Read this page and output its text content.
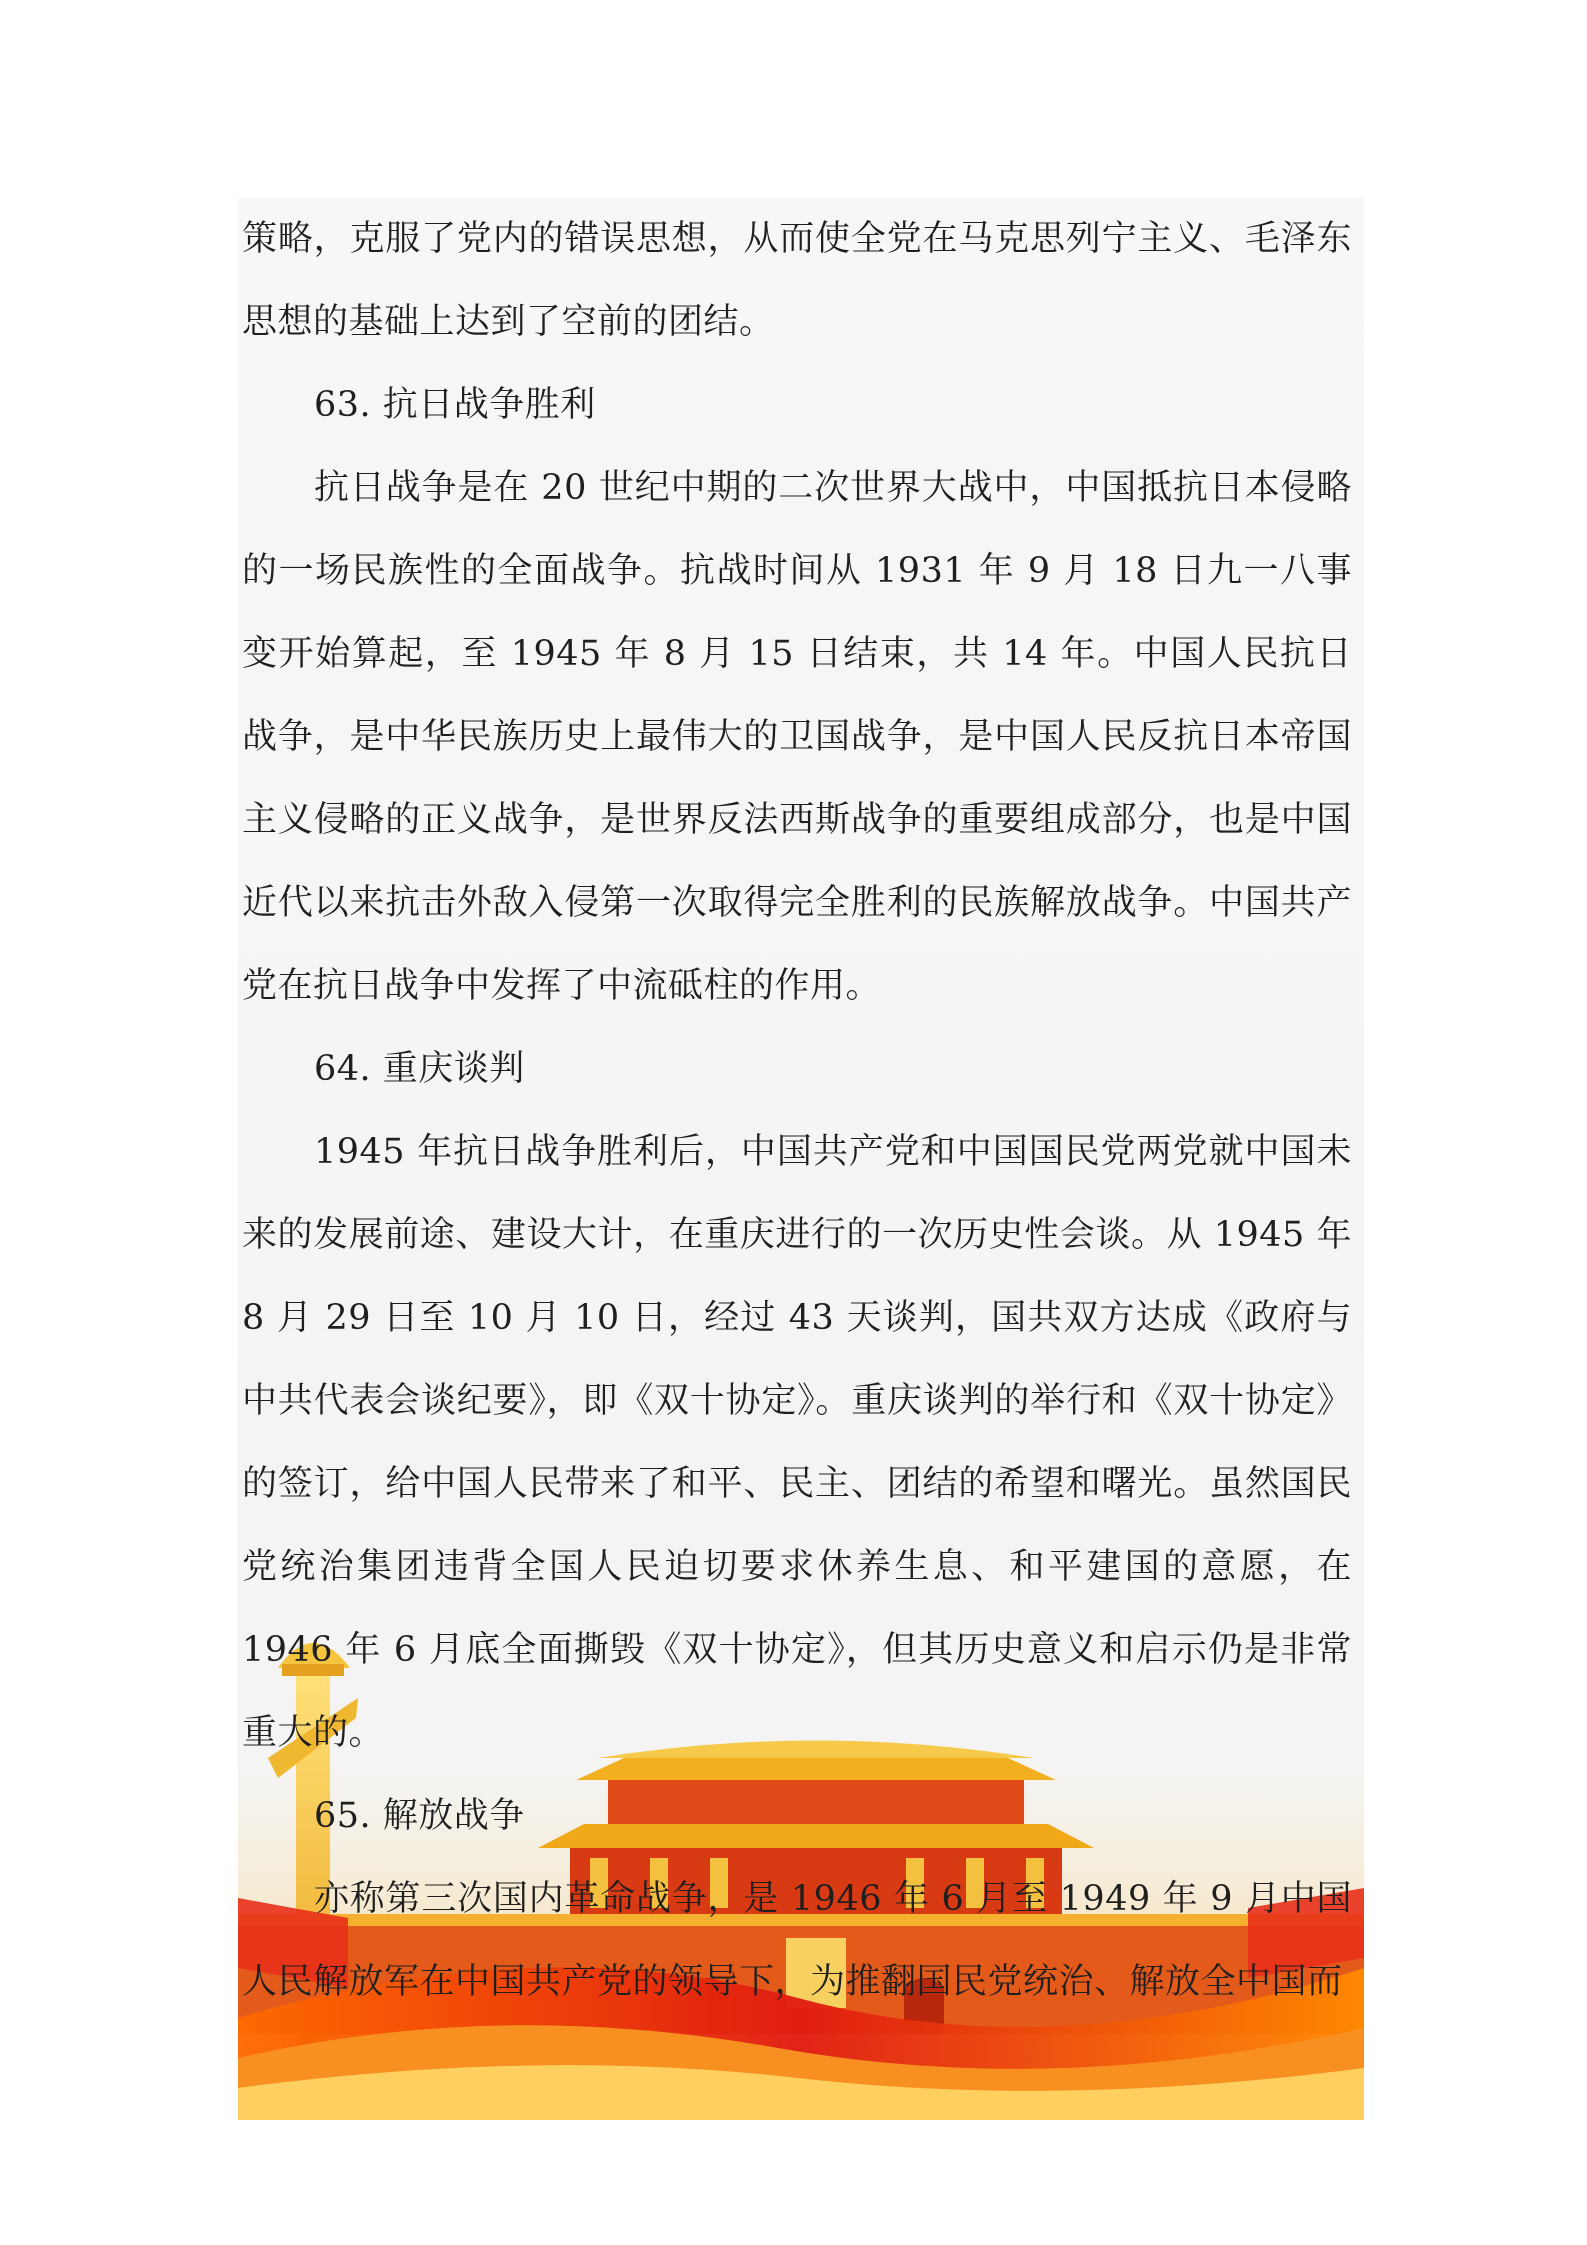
策略，克服了党内的错误思想，从而使全党在马克思列宁主义、毛泽东思想的基础上达到了空前的团结。

63. 抗日战争胜利

抗日战争是在 20 世纪中期的二次世界大战中，中国抵抗日本侵略的一场民族性的全面战争。抗战时间从 1931 年 9 月 18 日九一八事变开始算起，至 1945 年 8 月 15 日结束，共 14 年。中国人民抗日战争，是中华民族历史上最伟大的卫国战争，是中国人民反抗日本帝国主义侵略的正义战争，是世界反法西斯战争的重要组成部分，也是中国近代以来抗击外敌入侵第一次取得完全胜利的民族解放战争。中国共产党在抗日战争中发挥了中流砥柱的作用。

64. 重庆谈判

1945 年抗日战争胜利后，中国共产党和中国国民党两党就中国未来的发展前途、建设大计，在重庆进行的一次历史性会谈。从 1945 年 8 月 29 日至 10 月 10 日，经过 43 天谈判，国共双方达成《政府与中共代表会谈纪要》，即《双十协定》。重庆谈判的举行和《双十协定》的签订，给中国人民带来了和平、民主、团结的希望和曙光。虽然国民党统治集团违背全国人民迫切要求休养生息、和平建国的意愿，在 1946 年 6 月底全面撕毁《双十协定》，但其历史意义和启示仍是非常重大的。

65. 解放战争

亦称第三次国内革命战争，是 1946 年 6 月至 1949 年 9 月中国人民解放军在中国共产党的领导下，为推翻国民党统治、解放全中国而
